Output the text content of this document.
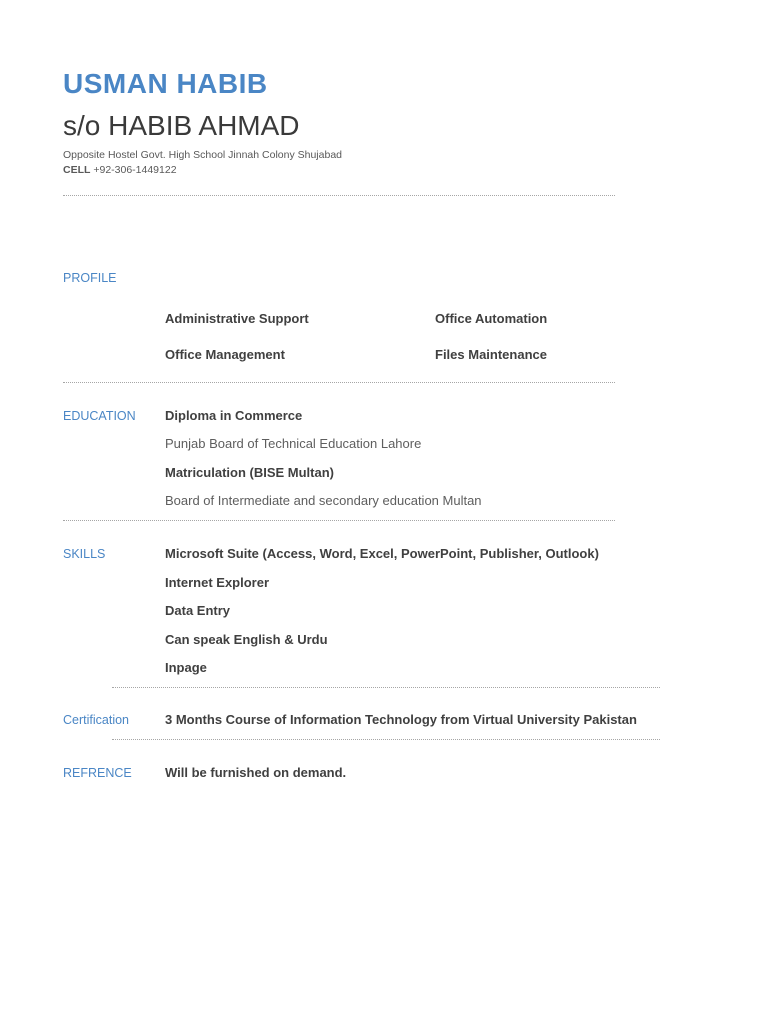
USMAN HABIB
s/o HABIB AHMAD
Opposite Hostel Govt. High School Jinnah Colony Shujabad
CELL +92-306-1449122
PROFILE
Administrative Support	Office Automation
Office Management	Files Maintenance
EDUCATION Diploma in Commerce
Punjab Board of Technical Education Lahore
Matriculation (BISE Multan)
Board of Intermediate and secondary education Multan
SKILLS	Microsoft Suite (Access, Word, Excel, PowerPoint, Publisher, Outlook)
Internet Explorer
Data Entry
Can speak English & Urdu
Inpage
Certification	3 Months Course of Information Technology from Virtual University Pakistan
REFRENCE	Will be furnished on demand.
